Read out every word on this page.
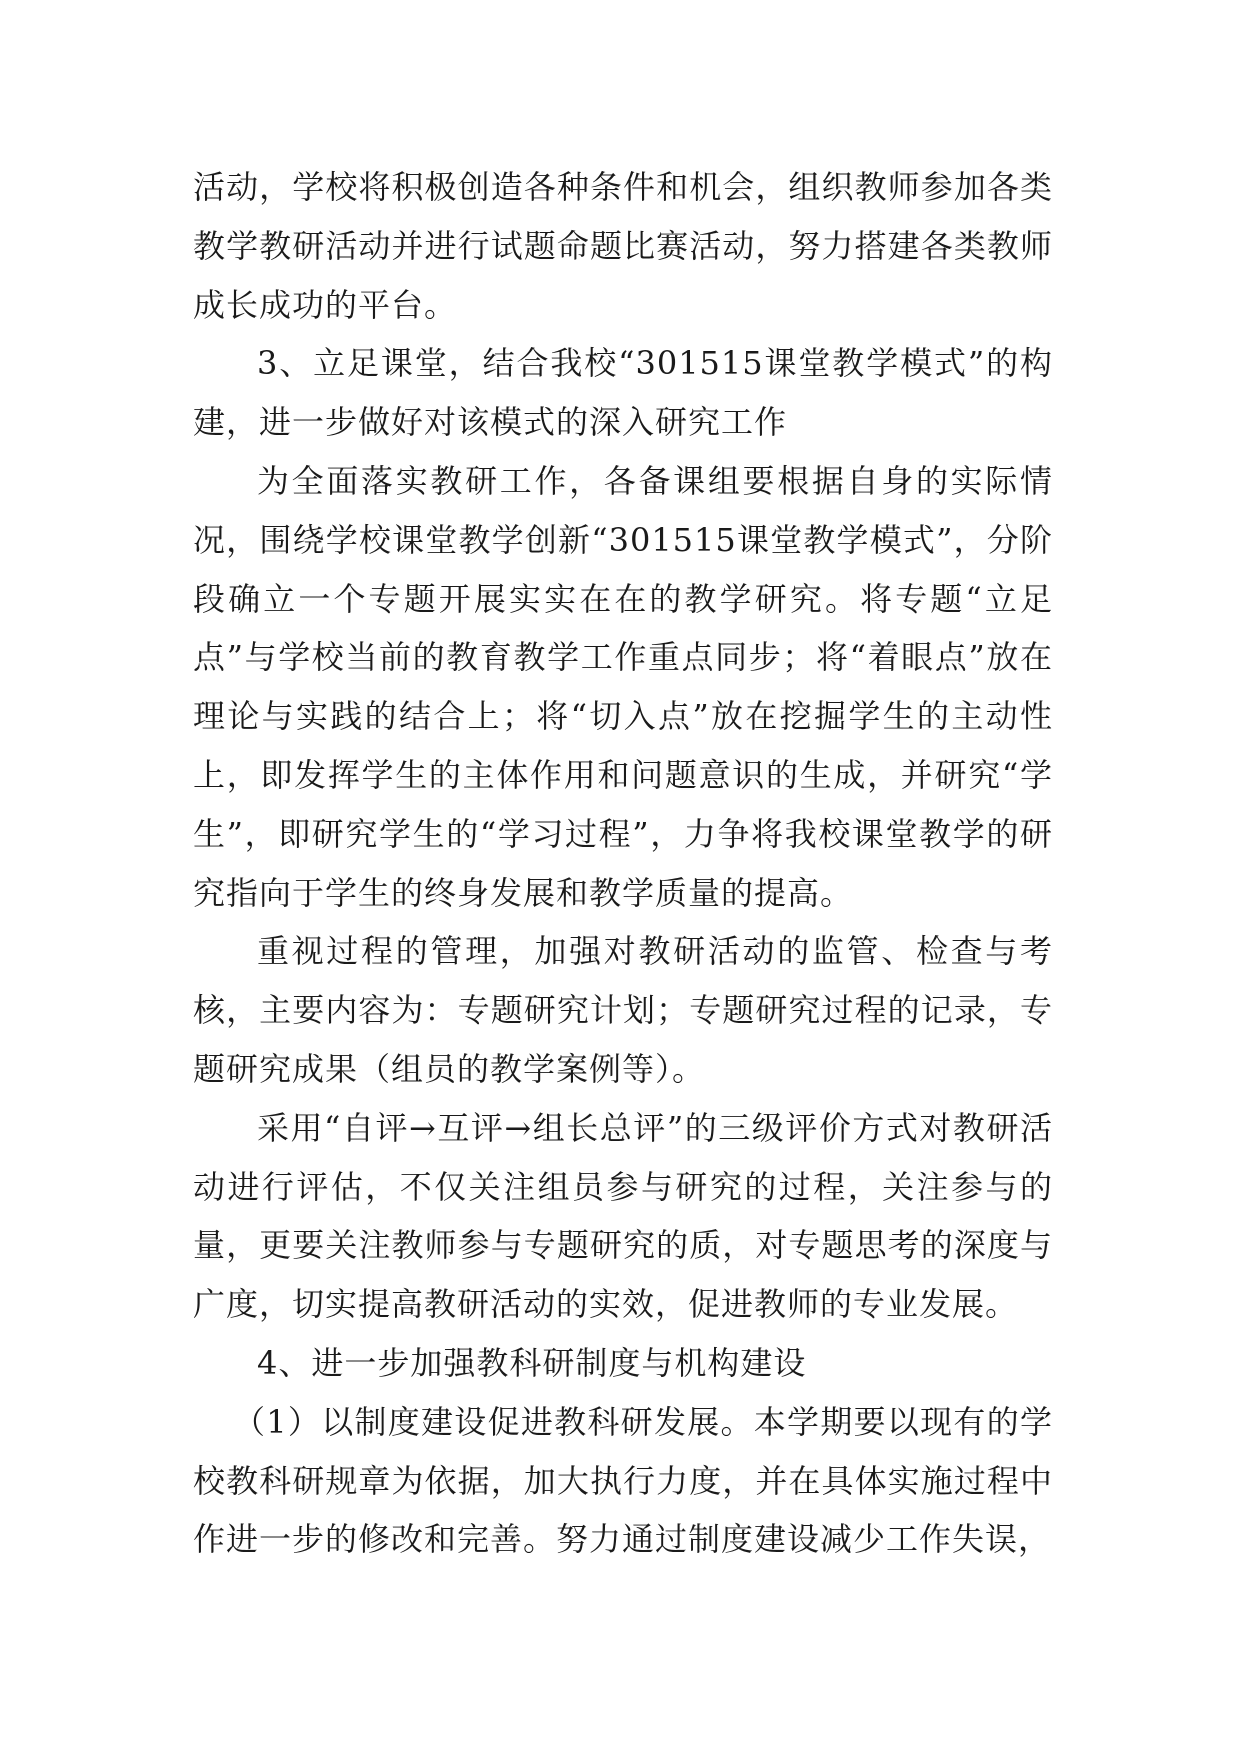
活动，学校将积极创造各种条件和机会，组织教师参加各类教学教研活动并进行试题命题比赛活动，努力搭建各类教师成长成功的平台。

3、立足课堂，结合我校“301515课堂教学模式”的构建，进一步做好对该模式的深入研究工作

为全面落实教研工作，各备课组要根据自身的实际情况，围绕学校课堂教学创新“301515课堂教学模式”，分阶段确立一个专题开展实实在在的教学研究。将专题“立足点”与学校当前的教育教学工作重点同步；将“着眼点”放在理论与实践的结合上；将“切入点”放在挖掘学生的主动性上，即发挥学生的主体作用和问题意识的生成，并研究“学生”，即研究学生的“学习过程”，力争将我校课堂教学的研究指向于学生的终身发展和教学质量的提高。

重视过程的管理，加强对教研活动的监管、检查与考核，主要内容为：专题研究计划；专题研究过程的记录，专题研究成果（组员的教学案例等）。

采用“自评→互评→组长总评”的三级评价方式对教研活动进行评估，不仅关注组员参与研究的过程，关注参与的量，更要关注教师参与专题研究的质，对专题思考的深度与广度，切实提高教研活动的实效，促进教师的专业发展。

4、进一步加强教科研制度与机构建设

（1）以制度建设促进教科研发展。本学期要以现有的学校教科研规章为依据，加大执行力度，并在具体实施过程中作进一步的修改和完善。努力通过制度建设减少工作失误，
